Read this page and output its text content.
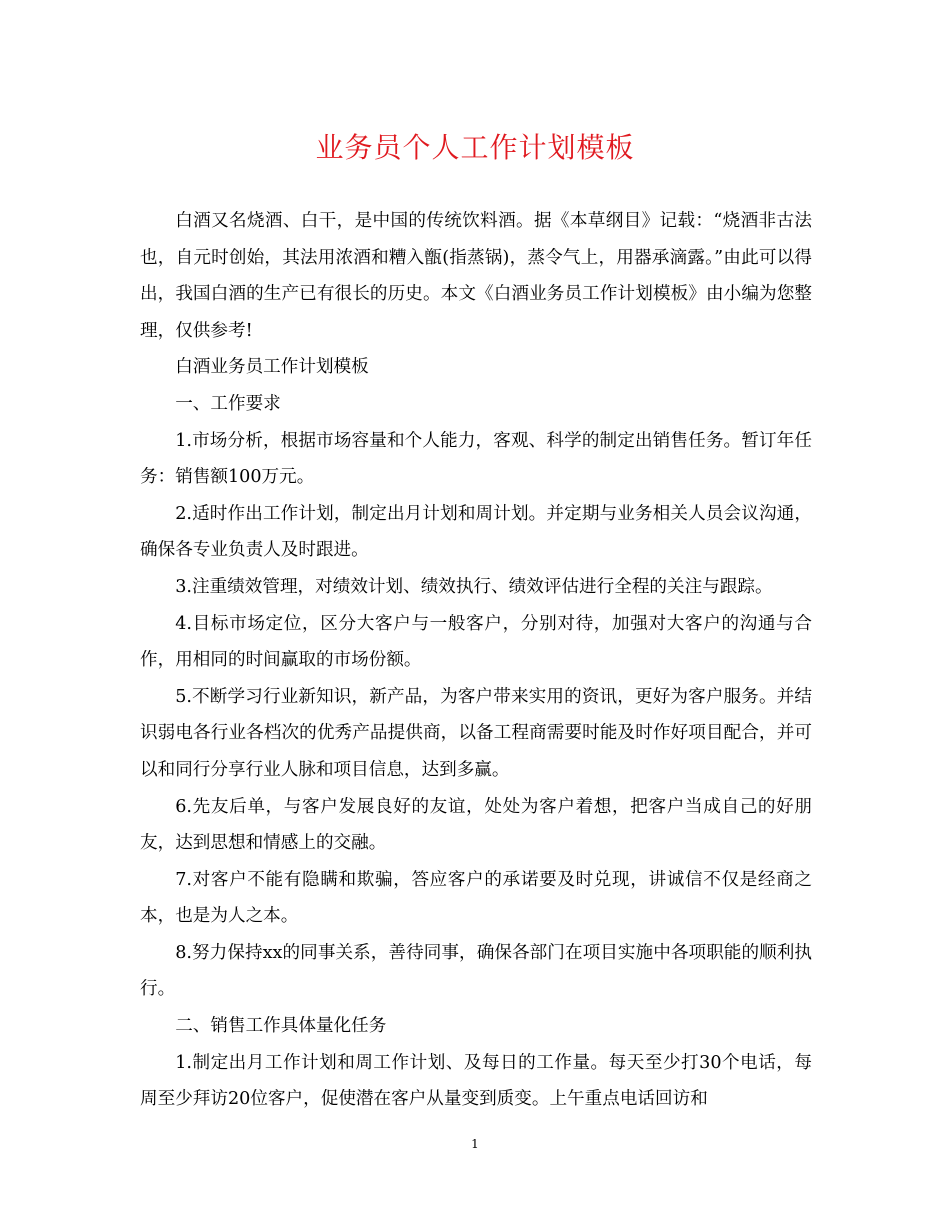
业务员个人工作计划模板

白酒又名烧酒、白干，是中国的传统饮料酒。据《本草纲目》记载：“烧酒非古法也，自元时创始，其法用浓酒和糟入甑(指蒸锅)，蒸令气上，用器承滴露。”由此可以得出，我国白酒的生产已有很长的历史。本文《白酒业务员工作计划模板》由小编为您整理，仅供参考!

白酒业务员工作计划模板

一、工作要求

1.市场分析，根据市场容量和个人能力，客观、科学的制定出销售任务。暂订年任务：销售额100万元。

2.适时作出工作计划，制定出月计划和周计划。并定期与业务相关人员会议沟通，确保各专业负责人及时跟进。

3.注重绩效管理，对绩效计划、绩效执行、绩效评估进行全程的关注与跟踪。

4.目标市场定位，区分大客户与一般客户，分别对待，加强对大客户的沟通与合作，用相同的时间赢取的市场份额。

5.不断学习行业新知识，新产品，为客户带来实用的资讯，更好为客户服务。并结识弱电各行业各档次的优秀产品提供商，以备工程商需要时能及时作好项目配合，并可以和同行分享行业人脉和项目信息，达到多赢。

6.先友后单，与客户发展良好的友谊，处处为客户着想，把客户当成自己的好朋友，达到思想和情感上的交融。

7.对客户不能有隐瞒和欺骗，答应客户的承诺要及时兑现，讲诚信不仅是经商之本，也是为人之本。

8.努力保持xx的同事关系，善待同事，确保各部门在项目实施中各项职能的顺利执行。

二、销售工作具体量化任务

1.制定出月工作计划和周工作计划、及每日的工作量。每天至少打30个电话，每周至少拜访20位客户，促使潜在客户从量变到质变。上午重点电话回访和

1
